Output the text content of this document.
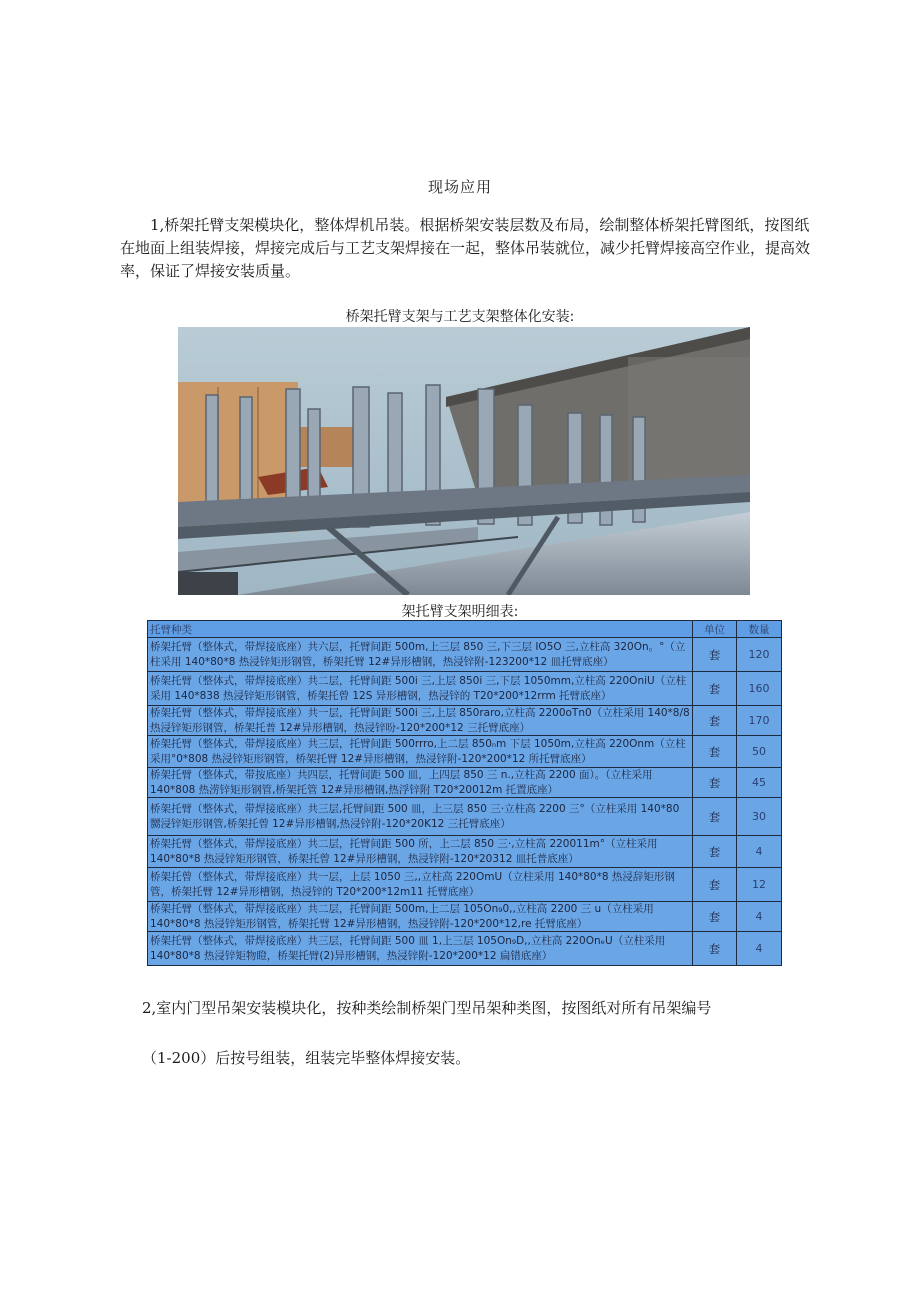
现场应用

1,桥架托臂支架模块化，整体焊机吊装。根据桥架安装层数及布局，绘制整体桥架托臂图纸，按图纸在地面上组装焊接，焊接完成后与工艺支架焊接在一起，整体吊装就位，减少托臂焊接高空作业，提高效率，保证了焊接安装质量。

桥架托臂支架与工艺支架整体化安装:
架托臂支架明细表:
托臂种类	单位	数量
桥架托臂（整体式，带焊接底座）共六层，托臂间距 500m,上三层 850 三,下三层 IO5O 三,立柱高 320On。°（立柱采用 140*80*8 热浸锌矩形钢管，桥架托臂 12#异形槽钢，热浸锌附-123200*12 皿托臂底座）	套	120
桥架托臂（整体式，带焊接底座）共二层，托臂间距 500i 三,上层 850i 三,下层 1050mm,立柱高 220OniU（立柱采用 140*838 热浸锌矩形钢管，桥架托曾 12S 异形槽钢，热浸锌的 T20*200*12rrm 托臂底座）	套	160
桥架托臂（整体式，带焊接底座）共一层，托臂间距 500i 三,上层 850raro,立柱高 2200oTn0（立柱采用 140*8/8 热浸锌矩形钢管，桥架托普 12#异形槽钢，热浸锌吩-120*200*12 三托臂底座）	套	170
桥架托臂（整体式，带焊接底座）共三层，托臂间距 500rrro,上二层 850ₙm 下层 1050m,立柱高 220Onm（立柱采用°0*808 热浸锌矩形钢管，桥架托臂 12#异形槽钢，热浸锌附-120*200*12 所托臂底座）	套	50
桥架托臂（整体式，带按底座）共四层，托臂间距 500 皿，上四层 850 三 n.,立柱高 2200 面）。（立柱采用 140*808 热涝锌矩形钢管,桥架托管 12#异形槽钢,热浮锌附 T20*20012m 托置底座）	套	45
桥架托臂（整体式，带焊接底座）共三层,托臂间距 500 皿，上三层 850 三·立柱高 2200 三°（立柱采用 140*80 嬲浸锌矩形钢管,桥架托曾 12#异形槽钢,热浸锌附-120*20K12 三托臂底座）	套	30
桥架托臂（整体式，带焊接底座）共二层，托臂间距 500 所，上二层 850 三·,立柱高 220011m°（立柱采用 140*80*8 热浸锌矩形钢管，桥架托曾 12#异形槽钢，热浸锌附-120*20312 皿托普底座）	套	4
桥架托曾（整体式，带焊接底座）共一层，上层 1050 三,,立柱高 220OmU（立柱采用 140*80*8 热浸辞矩形钢管，桥架托臂 12#异形槽钢，热浸锌的 T20*200*12m11 托臂底座）	套	12
桥架托臂（整体式，带焊接底座）共二层，托臂间距 500m,上二层 105On₉0,,立柱高 2200 三 u（立柱采用 140*80*8 热浸锌矩形钢管，桥架托臂 12#异形槽钢，热浸锌附-120*200*12,re 托臂底座）	套	4
桥架托臂（整体式，带焊接底座）共三层，托臂间距 500 皿 1,上三层 105On₉D,,立柱高 220OnₑU（立柱采用 140*80*8 热浸锌矩物瞪，桥架托臂(2)异形槽钢，热浸锌附-120*200*12 扁错底座）	套	4

2,室内门型吊架安装模块化，按种类绘制桥架门型吊架种类图，按图纸对所有吊架编号

（1-200）后按号组装，组装完毕整体焊接安装。
